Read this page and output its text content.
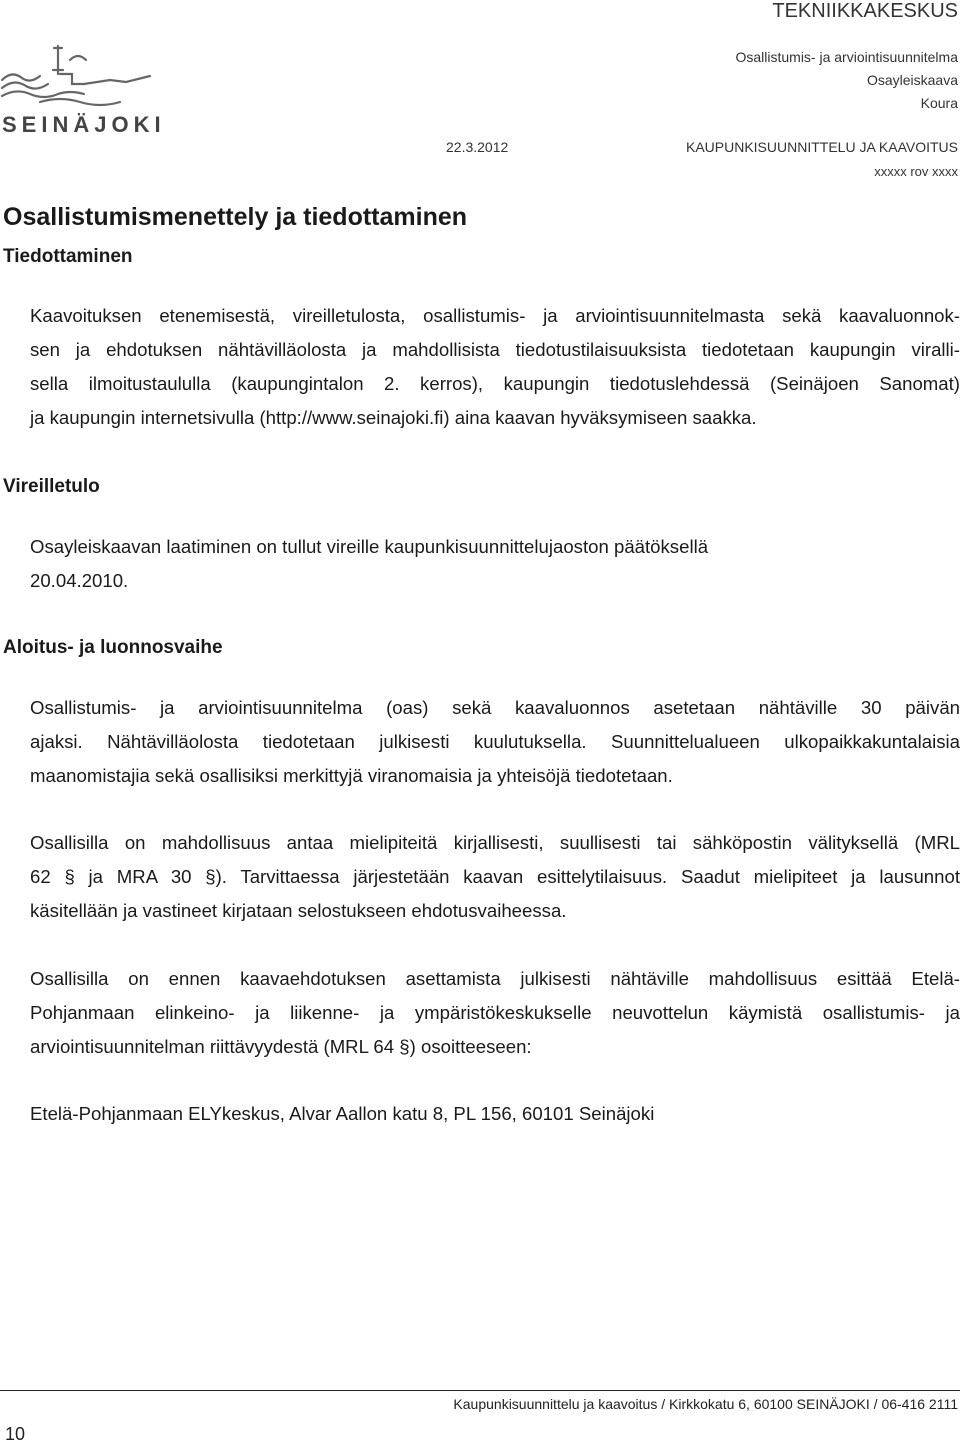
TEKNIIKKAKESKUS
Osallistumis- ja arviointisuunnitelma
Osayleiskaava
Koura
22.3.2012	KAUPUNKISUUNNITTELU JA KAAVOITUS
xxxxx rov xxxx
SEINÄJOKI
Osallistumismenettely ja tiedottaminen
Tiedottaminen
Kaavoituksen etenemisestä, vireilletulosta, osallistumis- ja arviointisuunnitelmasta sekä kaavaluonnok-
sen ja ehdotuksen nähtävilläolosta ja mahdollisista tiedotustilaisuuksista tiedotetaan kaupungin viralli-
sella ilmoitustaululla (kaupungintalon 2. kerros), kaupungin tiedotuslehdessä (Seinäjoen Sanomat)
ja kaupungin internetsivulla (http://www.seinajoki.fi) aina kaavan hyväksymiseen saakka.
Vireilletulo
Osayleiskaavan laatiminen on tullut vireille kaupunkisuunnittelujaoston päätöksellä
20.04.2010.
Aloitus- ja luonnosvaihe
Osallistumis- ja arviointisuunnitelma (oas) sekä kaavaluonnos asetetaan nähtäville 30 päivän
ajaksi. Nähtävilläolosta tiedotetaan julkisesti kuulutuksella. Suunnittelualueen ulkopaikkakuntalaisia
maanomistajia sekä osallisiksi merkittyjä viranomaisia ja yhteisöjä tiedotetaan.
Osallisilla on mahdollisuus antaa mielipiteitä kirjallisesti, suullisesti tai sähköpostin välityksellä (MRL
62 § ja MRA 30 §). Tarvittaessa järjestetään kaavan esittelytilaisuus. Saadut mielipiteet ja lausunnot
käsitellään ja vastineet kirjataan selostukseen ehdotusvaiheessa.
Osallisilla on ennen kaavaehdotuksen asettamista julkisesti nähtäville mahdollisuus esittää Etelä-
Pohjanmaan elinkeino- ja liikenne- ja ympäristökeskukselle neuvottelun käymistä osallistumis- ja
arviointisuunnitelman riittävyydestä (MRL 64 §) osoitteeseen:
Etelä-Pohjanmaan ELYkeskus, Alvar Aallon katu 8, PL 156, 60101 Seinäjoki
Kaupunkisuunnittelu ja kaavoitus / Kirkkokatu 6, 60100 SEINÄJOKI / 06-416 2111
10
